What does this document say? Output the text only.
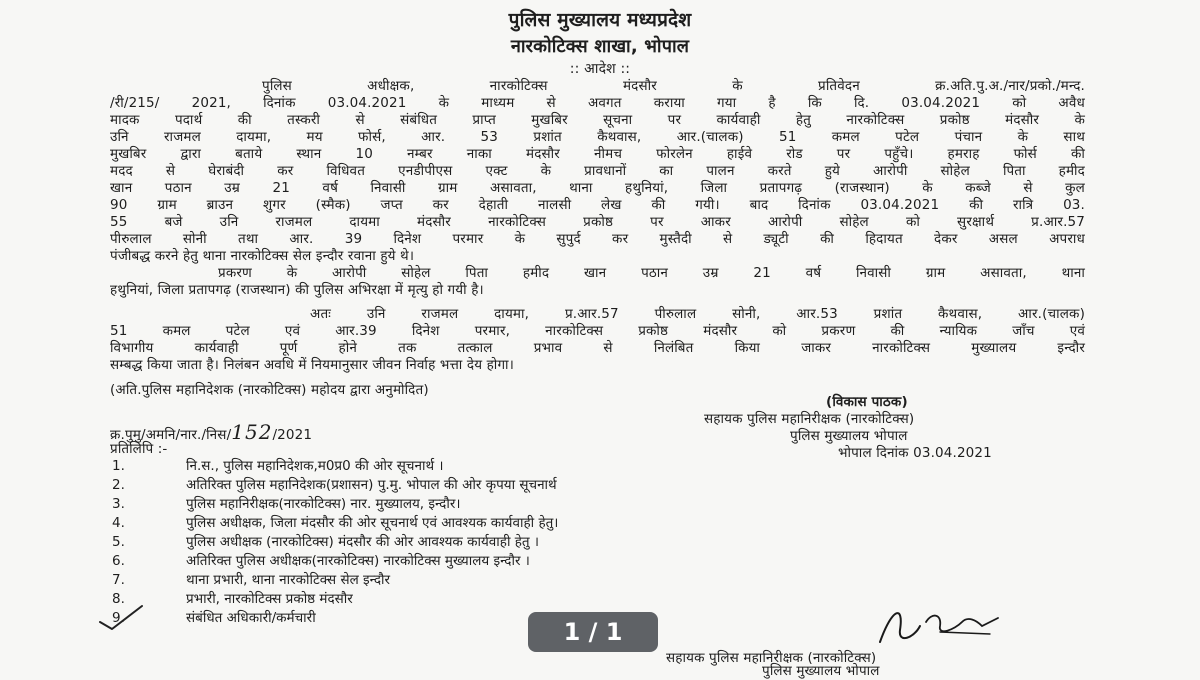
पुलिस मुख्यालय मध्यप्रदेश
नारकोटिक्स शाखा, भोपाल
:: आदेश ::
पुलिस अधीक्षक, नारकोटिक्स मंदसौर के प्रतिवेदन क्र.अति.पु.अ./नार/प्रको./मन्द.
/री/215/ 2021, दिनांक 03.04.2021 के माध्यम से अवगत कराया गया है कि दि. 03.04.2021 को अवैध
मादक पदार्थ की तस्करी से संबंधित प्राप्त मुखबिर सूचना पर कार्यवाही हेतु नारकोटिक्स प्रकोष्ठ मंदसौर के
उनि राजमल दायमा, मय फोर्स, आर. 53 प्रशांत कैथवास, आर.(चालक) 51 कमल पटेल पंचान के साथ
मुखबिर द्वारा बताये स्थान 10 नम्बर नाका मंदसौर नीमच फोरलेन हाईवे रोड पर पहुँचे। हमराह फोर्स की
मदद से घेराबंदी कर विधिवत एनडीपीएस एक्ट के प्रावधानों का पालन करते हुये आरोपी सोहेल पिता हमीद
खान पठान उम्र 21 वर्ष निवासी ग्राम असावता, थाना हथुनियां, जिला प्रतापगढ़ (राजस्थान) के कब्जे से कुल
90 ग्राम ब्राउन शुगर (स्मैक) जप्त कर देहाती नालसी लेख की गयी। बाद दिनांक 03.04.2021 की रात्रि 03.
55 बजे उनि राजमल दायमा मंदसौर नारकोटिक्स प्रकोष्ठ पर आकर आरोपी सोहेल को सुरक्षार्थ प्र.आर.57
पीरुलाल सोनी तथा आर. 39 दिनेश परमार के सुपुर्द कर मुस्तैदी से ड्यूटी की हिदायत देकर असल अपराध
पंजीबद्ध करने हेतु थाना नारकोटिक्स सेल इन्दौर रवाना हुये थे।
प्रकरण के आरोपी सोहेल पिता हमीद खान पठान उम्र 21 वर्ष निवासी ग्राम असावता, थाना
हथुनियां, जिला प्रतापगढ़ (राजस्थान) की पुलिस अभिरक्षा में मृत्यु हो गयी है।
अतः उनि राजमल दायमा, प्र.आर.57 पीरुलाल सोनी, आर.53 प्रशांत कैथवास, आर.(चालक)
51 कमल पटेल एवं आर.39 दिनेश परमार, नारकोटिक्स प्रकोष्ठ मंदसौर को प्रकरण की न्यायिक जाँच एवं
विभागीय कार्यवाही पूर्ण होने तक तत्काल प्रभाव से निलंबित किया जाकर नारकोटिक्स मुख्यालय इन्दौर
सम्बद्ध किया जाता है। निलंबन अवधि में नियमानुसार जीवन निर्वाह भत्ता देय होगा।
(अति.पुलिस महानिदेशक (नारकोटिक्स) महोदय द्वारा अनुमोदित)
(विकास पाठक)
सहायक पुलिस महानिरीक्षक (नारकोटिक्स)
पुलिस मुख्यालय भोपाल
क्र.पुमु/अमनि/नार./निस/152/2021
भोपाल दिनांक 03.04.2021
प्रतिलिपि :-
1.	नि.स., पुलिस महानिदेशक,म0प्र0 की ओर सूचनार्थ ।
2.	अतिरिक्त पुलिस महानिदेशक(प्रशासन) पु.मु. भोपाल की ओर कृपया सूचनार्थ
3.	पुलिस महानिरीक्षक(नारकोटिक्स) नार. मुख्यालय, इन्दौर।
4.	पुलिस अधीक्षक, जिला मंदसौर की ओर सूचनार्थ एवं आवश्यक कार्यवाही हेतु।
5.	पुलिस अधीक्षक (नारकोटिक्स) मंदसौर की ओर आवश्यक कार्यवाही हेतु ।
6.	अतिरिक्त पुलिस अधीक्षक(नारकोटिक्स) नारकोटिक्स मुख्यालय इन्दौर ।
7.	थाना प्रभारी, थाना नारकोटिक्स सेल इन्दौर
8.	प्रभारी, नारकोटिक्स प्रकोष्ठ मंदसौर
9.	संबंधित अधिकारी/कर्मचारी	1 / 1
सहायक पुलिस महानिरीक्षक (नारकोटिक्स)
पुलिस मुख्यालय भोपाल
